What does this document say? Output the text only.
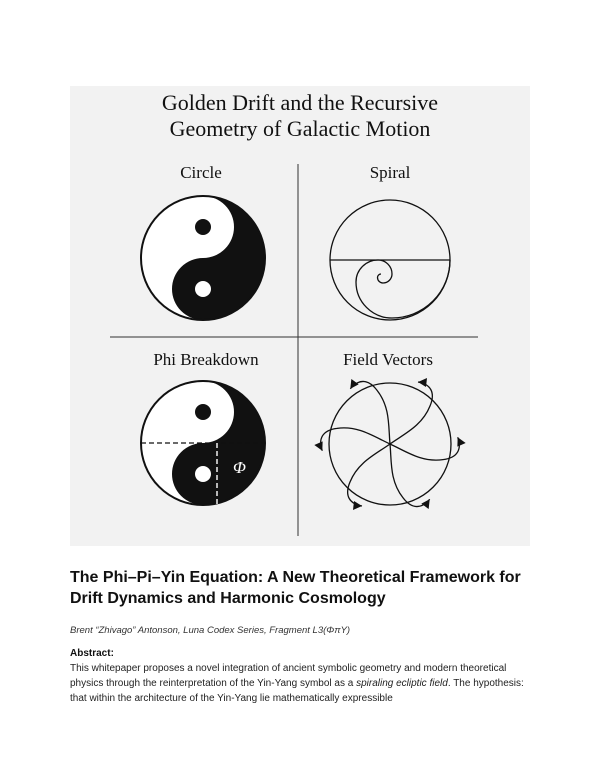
Φ
Golden Drift and the Recursive
Geometry of Galactic Motion
Circle	Spiral
Phi Breakdown	Field Vectors
The Phi–Pi–Yin Equation: A New Theoretical Framework for Drift Dynamics and Harmonic Cosmology
Brent “Zhivago” Antonson, Luna Codex Series, Fragment L3(ΦπY)
Abstract:
This whitepaper proposes a novel integration of ancient symbolic geometry and modern theoretical physics through the reinterpretation of the Yin-Yang symbol as a spiraling ecliptic field. The hypothesis: that within the architecture of the Yin-Yang lie mathematically expressible
